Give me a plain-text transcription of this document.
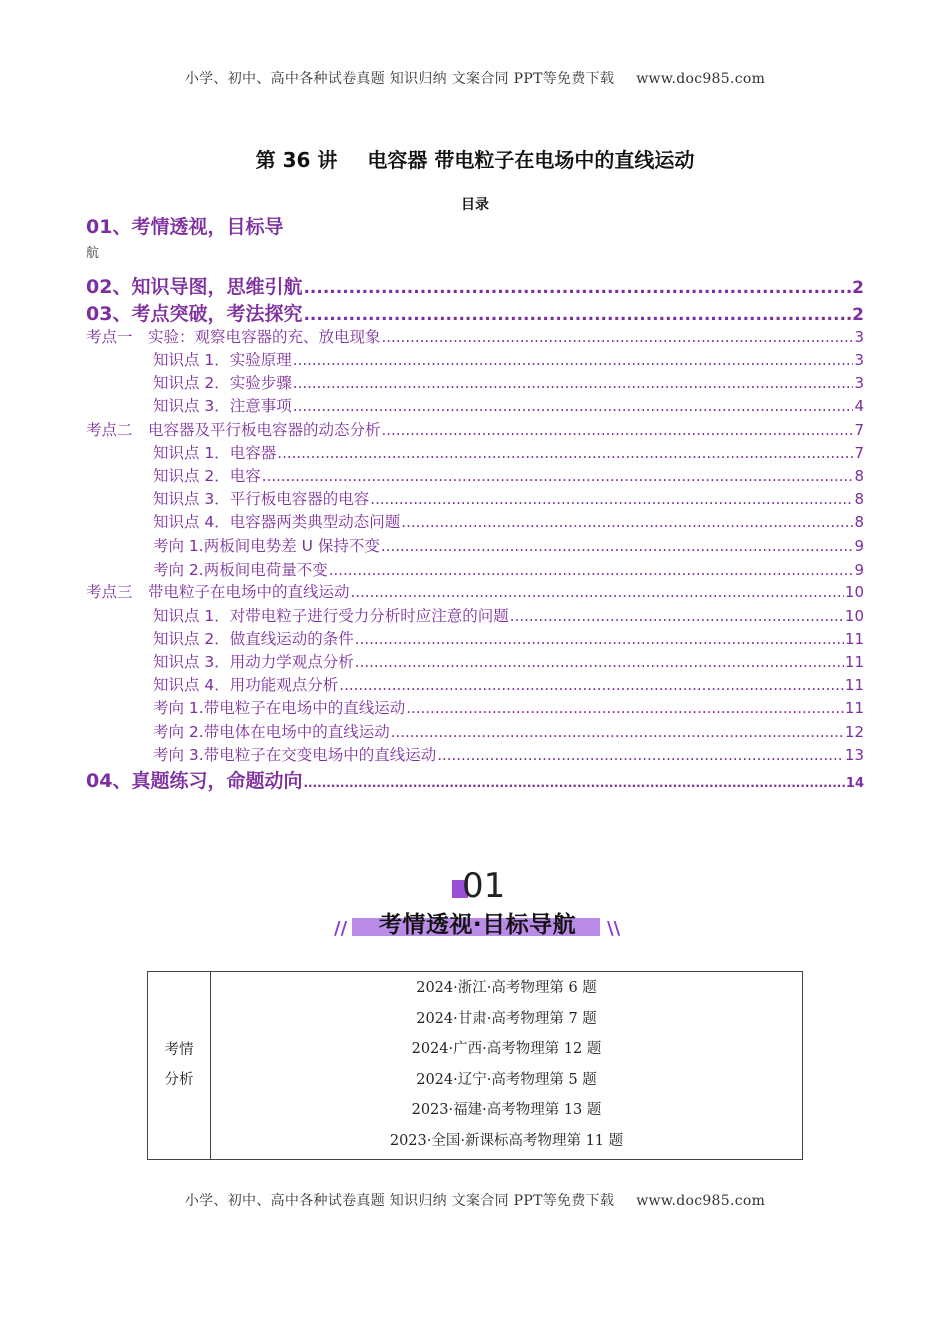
小学、初中、高中各种试卷真题 知识归纳 文案合同 PPT等免费下载 www.doc985.com
第 36 讲 电容器 带电粒子在电场中的直线运动
目录
01、考情透视，目标导
航
02、知识导图，思维引航 .....	2
03、考点突破，考法探究 .....	2
考点一　实验：观察电容器的充、放电现象 .....	3
知识点 1．实验原理 .....	3
知识点 2．实验步骤 .....	3
知识点 3．注意事项 .....	4
考点二　电容器及平行板电容器的动态分析 .....	7
知识点 1．电容器 .....	7
知识点 2．电容 .....	8
知识点 3．平行板电容器的电容 .....	8
知识点 4．电容器两类典型动态问题 .....	8
考向 1.两板间电势差 U 保持不变 .....	9
考向 2.两板间电荷量不变 .....	9
考点三　带电粒子在电场中的直线运动 .....	10
知识点 1．对带电粒子进行受力分析时应注意的问题 .....	10
知识点 2．做直线运动的条件 .....	11
知识点 3．用动力学观点分析 .....	11
知识点 4．用功能观点分析 .....	11
考向 1.带电粒子在电场中的直线运动 .....	11
考向 2.带电体在电场中的直线运动 .....	12
考向 3.带电粒子在交变电场中的直线运动 .....	13
04、真题练习，命题动向 .....	14
01
//	考情透视·目标导航	\\
考情
分析

2024·浙江·高考物理第 6 题
2024·甘肃·高考物理第 7 题
2024·广西·高考物理第 12 题
2024·辽宁·高考物理第 5 题
2023·福建·高考物理第 13 题
2023·全国·新课标高考物理第 11 题
小学、初中、高中各种试卷真题 知识归纳 文案合同 PPT等免费下载 www.doc985.com
